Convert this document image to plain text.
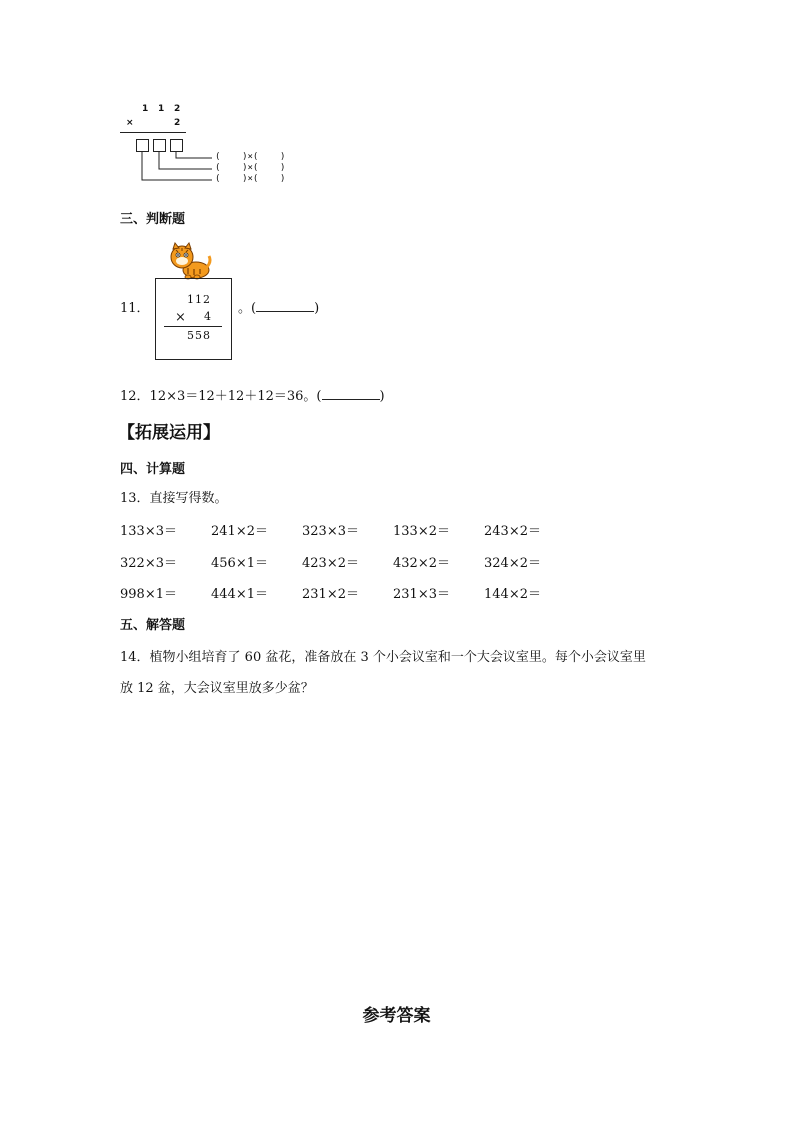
1 1 2
×	2
(    )×(    )
(    )×(    )
(    )×(    )
三、判断题
11．
112
× 4
558
。(	)
12．12×3＝12＋12＋12＝36。(	)
【拓展运用】
四、计算题
13．直接写得数。
133×3＝	241×2＝	323×3＝	133×2＝	243×2＝
322×3＝	456×1＝	423×2＝	432×2＝	324×2＝
998×1＝	444×1＝	231×2＝	231×3＝	144×2＝
五、解答题
14．植物小组培育了 60 盆花，准备放在 3 个小会议室和一个大会议室里。每个小会议室里
放 12 盆，大会议室里放多少盆？
参考答案
